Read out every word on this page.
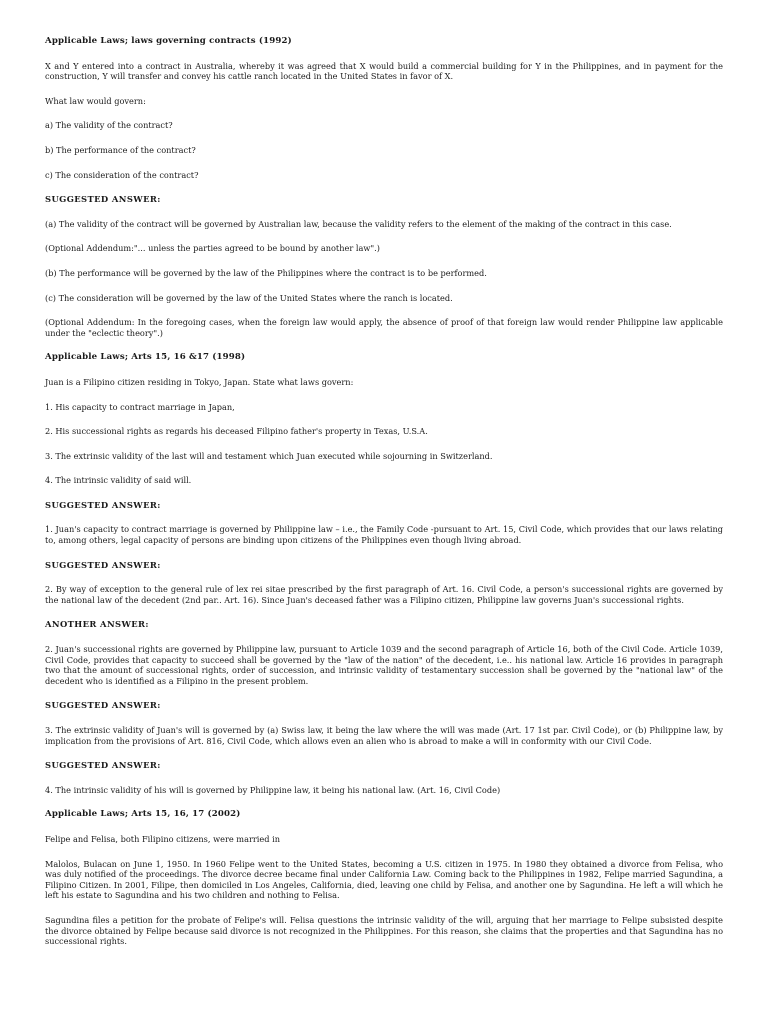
Applicable Laws; laws governing contracts (1992)
X and Y entered into a contract in Australia, whereby it was agreed that X would build a commercial building for Y in the Philippines, and in payment for the construction, Y will transfer and convey his cattle ranch located in the United States in favor of X.
What law would govern:
a) The validity of the contract?
b) The performance of the contract?
c) The consideration of the contract?
SUGGESTED ANSWER:
(a) The validity of the contract will be governed by Australian law, because the validity refers to the element of the making of the contract in this case.
(Optional Addendum:"... unless the parties agreed to be bound by another law".)
(b) The performance will be governed by the law of the Philippines where the contract is to be performed.
(c) The consideration will be governed by the law of the United States where the ranch is located.
(Optional Addendum: In the foregoing cases, when the foreign law would apply, the absence of proof of that foreign law would render Philippine law applicable under the "eclectic theory".)
Applicable Laws; Arts 15, 16 &17 (1998)
Juan is a Filipino citizen residing in Tokyo, Japan. State what laws govern:
1. His capacity to contract marriage in Japan,
2. His successional rights as regards his deceased Filipino father's property in Texas, U.S.A.
3. The extrinsic validity of the last will and testament which Juan executed while sojourning in Switzerland.
4. The intrinsic validity of said will.
SUGGESTED ANSWER:
1. Juan's capacity to contract marriage is governed by Philippine law – i.e., the Family Code -pursuant to Art. 15, Civil Code, which provides that our laws relating to, among others, legal capacity of persons are binding upon citizens of the Philippines even though living abroad.
SUGGESTED ANSWER:
2. By way of exception to the general rule of lex rei sitae prescribed by the first paragraph of Art. 16. Civil Code, a person's successional rights are governed by the national law of the decedent (2nd par.. Art. 16). Since Juan's deceased father was a Filipino citizen, Philippine law governs Juan's successional rights.
ANOTHER ANSWER:
2. Juan's successional rights are governed by Philippine law, pursuant to Article 1039 and the second paragraph of Article 16, both of the Civil Code. Article 1039, Civil Code, provides that capacity to succeed shall be governed by the "law of the nation" of the decedent, i.e.. his national law. Article 16 provides in paragraph two that the amount of successional rights, order of succession, and intrinsic validity of testamentary succession shall be governed by the "national law" of the decedent who is identified as a Filipino in the present problem.
SUGGESTED ANSWER:
3. The extrinsic validity of Juan's will is governed by (a) Swiss law, it being the law where the will was made (Art. 17 1st par. Civil Code), or (b) Philippine law, by implication from the provisions of Art. 816, Civil Code, which allows even an alien who is abroad to make a will in conformity with our Civil Code.
SUGGESTED ANSWER:
4. The intrinsic validity of his will is governed by Philippine law, it being his national law. (Art. 16, Civil Code)
Applicable Laws; Arts 15, 16, 17 (2002)
Felipe and Felisa, both Filipino citizens, were married in
Malolos, Bulacan on June 1, 1950. In 1960 Felipe went to the United States, becoming a U.S. citizen in 1975. In 1980 they obtained a divorce from Felisa, who was duly notified of the proceedings. The divorce decree became final under California Law. Coming back to the Philippines in 1982, Felipe married Sagundina, a Filipino Citizen. In 2001, Filipe, then domiciled in Los Angeles, California, died, leaving one child by Felisa, and another one by Sagundina. He left a will which he left his estate to Sagundina and his two children and nothing to Felisa.
Sagundina files a petition for the probate of Felipe's will. Felisa questions the intrinsic validity of the will, arguing that her marriage to Felipe subsisted despite the divorce obtained by Felipe because said divorce is not recognized in the Philippines. For this reason, she claims that the properties and that Sagundina has no successional rights.
